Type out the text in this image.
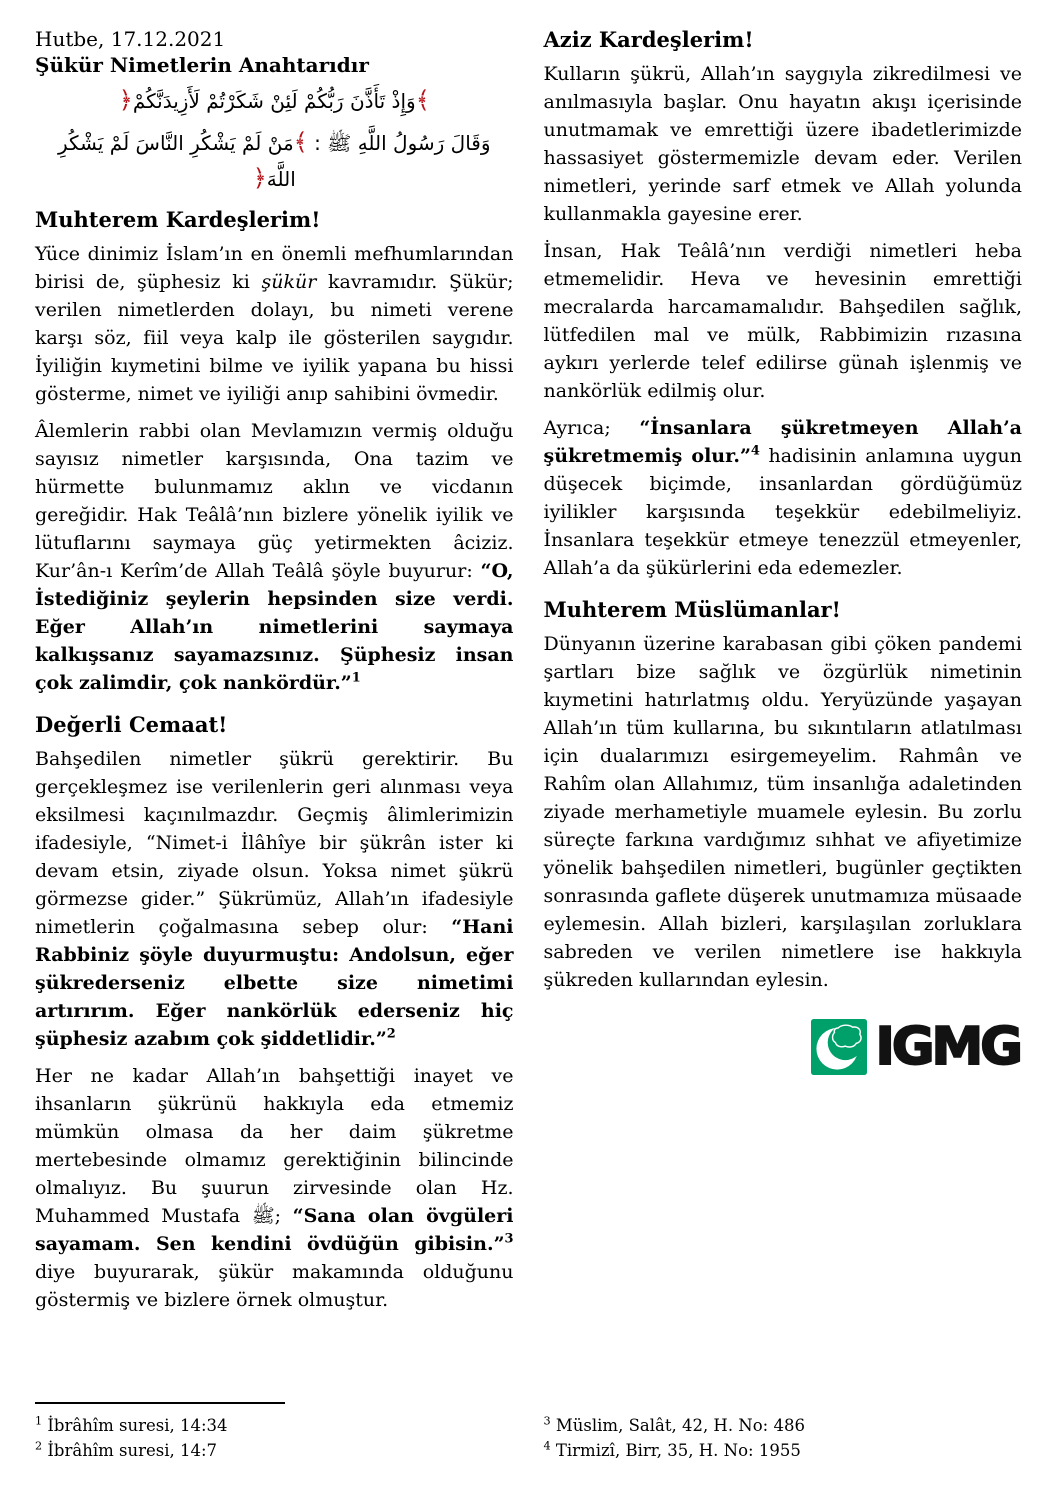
Hutbe, 17.12.2021

Şükür Nimetlerin Anahtarıdır

﴾وَإِذْ تَأَذَّنَ رَبُّكُمْ لَئِنْ شَكَرْتُمْ لَأَزِيدَنَّكُمْ﴿
وَقَالَ رَسُولُ اللَّهِ ﷺ : ﴾مَنْ لَمْ يَشْكُرِ النَّاسَ لَمْ يَشْكُرِ اللَّهَ﴿
Muhterem Kardeşlerim!

Yüce dinimiz İslam’ın en önemli mefhumlarından birisi de, şüphesiz ki şükür kavramıdır. Şükür; verilen nimetlerden dolayı, bu nimeti verene karşı söz, fiil veya kalp ile gösterilen saygıdır. İyiliğin kıymetini bilme ve iyilik yapana bu hissi gösterme, nimet ve iyiliği anıp sahibini övmedir.

Âlemlerin rabbi olan Mevlamızın vermiş olduğu sayısız nimetler karşısında, Ona tazim ve hürmette bulunmamız aklın ve vicdanın gereğidir. Hak Teâlâ’nın bizlere yönelik iyilik ve lütuflarını saymaya güç yetirmekten âciziz. Kur’ân-ı Kerîm’de Allah Teâlâ şöyle buyurur: “O, İstediğiniz şeylerin hepsinden size verdi. Eğer Allah’ın nimetlerini saymaya kalkışsanız sayamazsınız. Şüphesiz insan çok zalimdir, çok nankördür.”$^1$

Değerli Cemaat!

Bahşedilen nimetler şükrü gerektirir. Bu gerçekleşmez ise verilenlerin geri alınması veya eksilmesi kaçınılmazdır. Geçmiş âlimlerimizin ifadesiyle, “Nimet-i İlâhîye bir şükrân ister ki devam etsin, ziyade olsun. Yoksa nimet şükrü görmezse gider.” Şükrümüz, Allah’ın ifadesiyle nimetlerin çoğalmasına sebep olur: “Hani Rabbiniz şöyle duyurmuştu: Andolsun, eğer şükrederseniz elbette size nimetimi artırırım. Eğer nankörlük ederseniz hiç şüphesiz azabım çok şiddetlidir.”$^2$

Her ne kadar Allah’ın bahşettiği inayet ve ihsanların şükrünü hakkıyla eda etmemiz mümkün olmasa da her daim şükretme mertebesinde olmamız gerektiğinin bilincinde olmalıyız. Bu şuurun zirvesinde olan Hz. Muhammed Mustafa ﷺ; “Sana olan övgüleri sayamam. Sen kendini övdüğün gibisin.”$^3$ diye buyurarak, şükür makamında olduğunu göstermiş ve bizlere örnek olmuştur.

$^1$ İbrâhîm suresi, 14:34

$^2$ İbrâhîm suresi, 14:7

Aziz Kardeşlerim!

Kulların şükrü, Allah’ın saygıyla zikredilmesi ve anılmasıyla başlar. Onu hayatın akışı içerisinde unutmamak ve emrettiği üzere ibadetlerimizde hassasiyet göstermemizle devam eder. Verilen nimetleri, yerinde sarf etmek ve Allah yolunda kullanmakla gayesine erer.

İnsan, Hak Teâlâ’nın verdiği nimetleri heba etmemelidir. Heva ve hevesinin emrettiği mecralarda harcamamalıdır. Bahşedilen sağlık, lütfedilen mal ve mülk, Rabbimizin rızasına aykırı yerlerde telef edilirse günah işlenmiş ve nankörlük edilmiş olur.

Ayrıca; “İnsanlara şükretmeyen Allah’a şükretmemiş olur.”$^4$ hadisinin anlamına uygun düşecek biçimde, insanlardan gördüğümüz iyilikler karşısında teşekkür edebilmeliyiz. İnsanlara teşekkür etmeye tenezzül etmeyenler, Allah’a da şükürlerini eda edemezler.

Muhterem Müslümanlar!

Dünyanın üzerine karabasan gibi çöken pandemi şartları bize sağlık ve özgürlük nimetinin kıymetini hatırlatmış oldu. Yeryüzünde yaşayan Allah’ın tüm kullarına, bu sıkıntıların atlatılması için dualarımızı esirgemeyelim. Rahmân ve Rahîm olan Allahımız, tüm insanlığa adaletinden ziyade merhametiyle muamele eylesin. Bu zorlu süreçte farkına vardığımız sıhhat ve afiyetimize yönelik bahşedilen nimetleri, bugünler geçtikten sonrasında gaflete düşerek unutmamıza müsaade eylemesin. Allah bizleri, karşılaşılan zorluklara sabreden ve verilen nimetlere ise hakkıyla şükreden kullarından eylesin.

IGMG

$^3$ Müslim, Salât, 42, H. No: 486

$^4$ Tirmizî, Birr, 35, H. No: 1955
